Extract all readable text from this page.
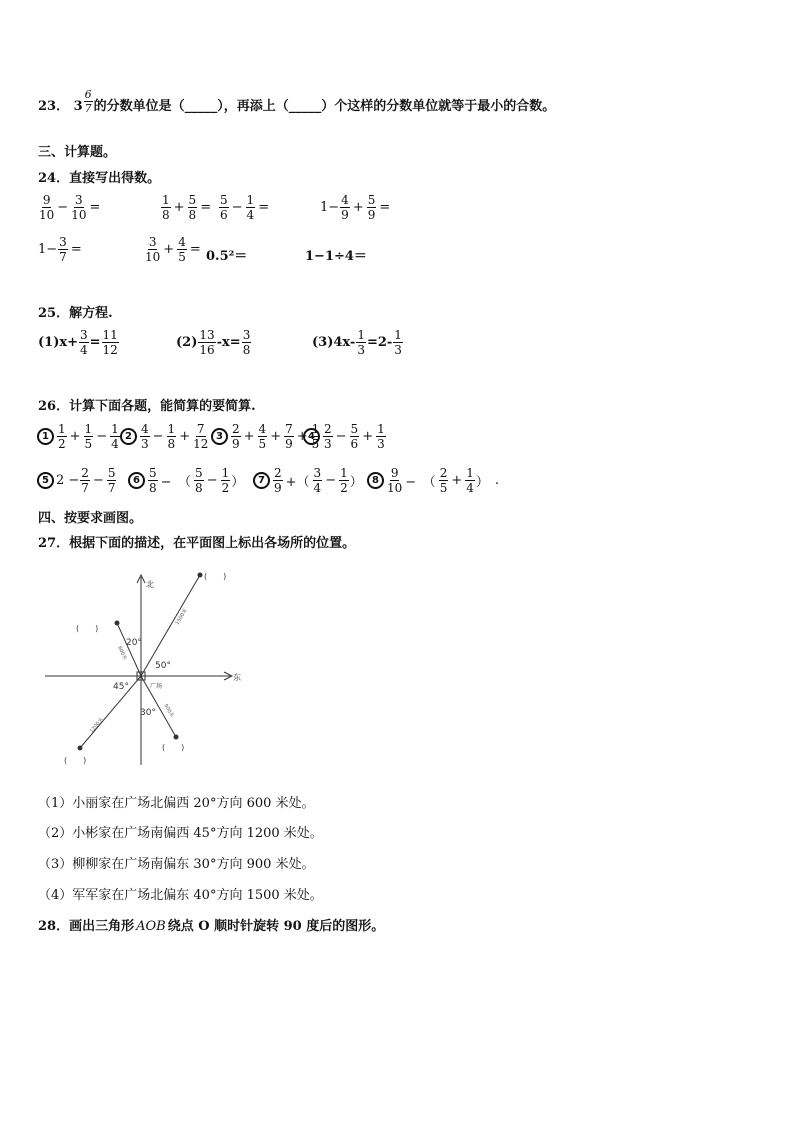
23． $3 \frac{6}{7}$ 的分数单位是（_____），再添上（_____）个这样的分数单位就等于最小的合数。
三、计算题。
24．直接写出得数。
$\frac{9}{10} - \frac{3}{10}$ =	$\frac{1}{8} + \frac{5}{8} = \frac{5}{6} - \frac{1}{4}$ =	$1- \frac{4}{9} + \frac{5}{9}$ =
$1- \frac{3}{7}$ =	$\frac{3}{10} + \frac{4}{5} = 0.5^2=$	1−1÷4＝
25．解方程.
$(1)x+ \frac{3}{4} = \frac{11}{12}$	$(2) \frac{13}{16} -x= \frac{3}{8}$	$(3)4x- \frac{1}{3} =2- \frac{1}{3}$
26．计算下面各题，能简算的要简算.
$1 \frac{1}{2} + \frac{1}{5} - \frac{1}{4} 2 \frac{4}{3} - \frac{1}{8} + \frac{7}{12} 3 \frac{2}{9} + \frac{4}{5} + \frac{7}{9} + \frac{1}{5}$
$4 \frac{2}{3} - \frac{5}{6} + \frac{1}{3}$
5 $2 - \frac{2}{7} - \frac{5}{7}$	$6 \frac{5}{8}$ −　（ $\frac{5}{8} - \frac{1}{2}$ ）	$7 \frac{2}{9}$ +（ $\frac{3}{4} - \frac{1}{2}$ ） $8 \frac{9}{10}$ −　（ $\frac{2}{5} + \frac{1}{4}$ ） .
四、按要求画图。
27．根据下面的描述，在平面图上标出各场所的位置。
北
东
广场
20°
50°
45°
30°
(　　)
(　　)
(　　)
(　　)
1500米
600米
1200米
900米
（1）小丽家在广场北偏西 20°方向 600 米处。
（2）小彬家在广场南偏西 45°方向 1200 米处。
（3）柳柳家在广场南偏东 30°方向 900 米处。
（4）军军家在广场北偏东 40°方向 1500 米处。
28．画出三角形 AOB 绕点 O 顺时针旋转 90 度后的图形。
